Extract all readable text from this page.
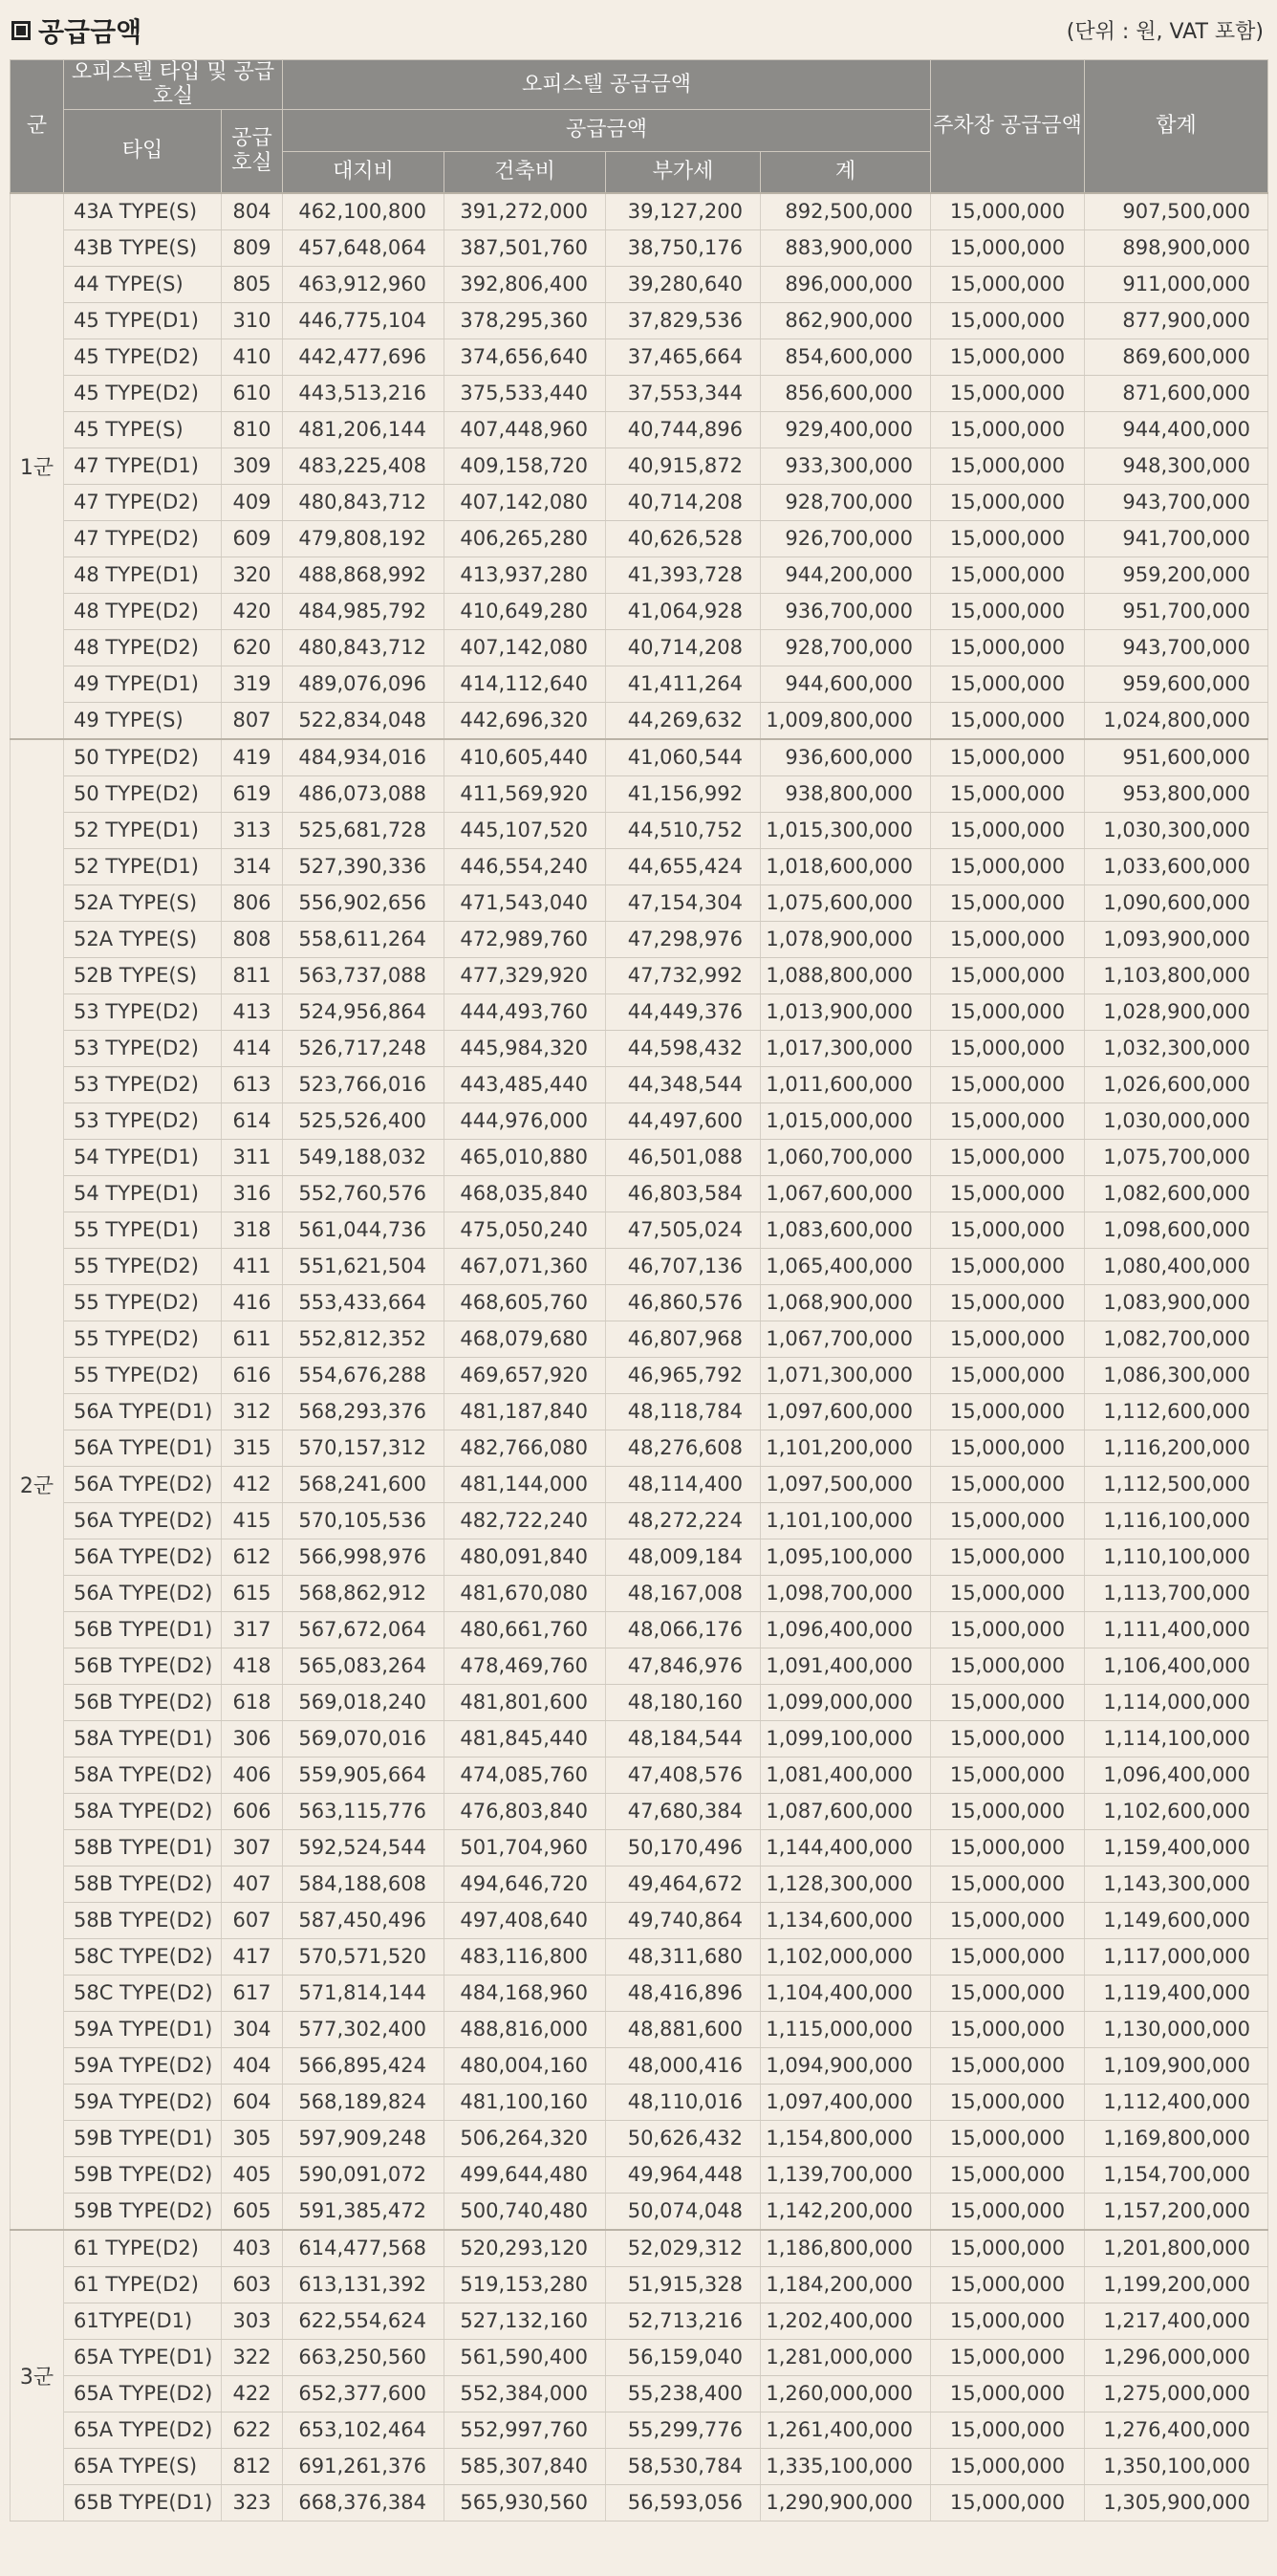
공급금액	(단위 : 원, VAT 포함)
군	오피스텔 타입 및 공급호실		오피스텔 공급금액				주차장 공급금액	합계
	타입	공급 호실	공급금액					
			대지비	건축비	부가세	계		
1군	43A TYPE(S)	804	462,100,800	391,272,000	39,127,200	892,500,000	15,000,000	907,500,000
	43B TYPE(S)	809	457,648,064	387,501,760	38,750,176	883,900,000	15,000,000	898,900,000
	44 TYPE(S)	805	463,912,960	392,806,400	39,280,640	896,000,000	15,000,000	911,000,000
	45 TYPE(D1)	310	446,775,104	378,295,360	37,829,536	862,900,000	15,000,000	877,900,000
	45 TYPE(D2)	410	442,477,696	374,656,640	37,465,664	854,600,000	15,000,000	869,600,000
	45 TYPE(D2)	610	443,513,216	375,533,440	37,553,344	856,600,000	15,000,000	871,600,000
	45 TYPE(S)	810	481,206,144	407,448,960	40,744,896	929,400,000	15,000,000	944,400,000
	47 TYPE(D1)	309	483,225,408	409,158,720	40,915,872	933,300,000	15,000,000	948,300,000
	47 TYPE(D2)	409	480,843,712	407,142,080	40,714,208	928,700,000	15,000,000	943,700,000
	47 TYPE(D2)	609	479,808,192	406,265,280	40,626,528	926,700,000	15,000,000	941,700,000
	48 TYPE(D1)	320	488,868,992	413,937,280	41,393,728	944,200,000	15,000,000	959,200,000
	48 TYPE(D2)	420	484,985,792	410,649,280	41,064,928	936,700,000	15,000,000	951,700,000
	48 TYPE(D2)	620	480,843,712	407,142,080	40,714,208	928,700,000	15,000,000	943,700,000
	49 TYPE(D1)	319	489,076,096	414,112,640	41,411,264	944,600,000	15,000,000	959,600,000
	49 TYPE(S)	807	522,834,048	442,696,320	44,269,632	1,009,800,000	15,000,000	1,024,800,000
2군	50 TYPE(D2)	419	484,934,016	410,605,440	41,060,544	936,600,000	15,000,000	951,600,000
	50 TYPE(D2)	619	486,073,088	411,569,920	41,156,992	938,800,000	15,000,000	953,800,000
	52 TYPE(D1)	313	525,681,728	445,107,520	44,510,752	1,015,300,000	15,000,000	1,030,300,000
	52 TYPE(D1)	314	527,390,336	446,554,240	44,655,424	1,018,600,000	15,000,000	1,033,600,000
	52A TYPE(S)	806	556,902,656	471,543,040	47,154,304	1,075,600,000	15,000,000	1,090,600,000
	52A TYPE(S)	808	558,611,264	472,989,760	47,298,976	1,078,900,000	15,000,000	1,093,900,000
	52B TYPE(S)	811	563,737,088	477,329,920	47,732,992	1,088,800,000	15,000,000	1,103,800,000
	53 TYPE(D2)	413	524,956,864	444,493,760	44,449,376	1,013,900,000	15,000,000	1,028,900,000
	53 TYPE(D2)	414	526,717,248	445,984,320	44,598,432	1,017,300,000	15,000,000	1,032,300,000
	53 TYPE(D2)	613	523,766,016	443,485,440	44,348,544	1,011,600,000	15,000,000	1,026,600,000
	53 TYPE(D2)	614	525,526,400	444,976,000	44,497,600	1,015,000,000	15,000,000	1,030,000,000
	54 TYPE(D1)	311	549,188,032	465,010,880	46,501,088	1,060,700,000	15,000,000	1,075,700,000
	54 TYPE(D1)	316	552,760,576	468,035,840	46,803,584	1,067,600,000	15,000,000	1,082,600,000
	55 TYPE(D1)	318	561,044,736	475,050,240	47,505,024	1,083,600,000	15,000,000	1,098,600,000
	55 TYPE(D2)	411	551,621,504	467,071,360	46,707,136	1,065,400,000	15,000,000	1,080,400,000
	55 TYPE(D2)	416	553,433,664	468,605,760	46,860,576	1,068,900,000	15,000,000	1,083,900,000
	55 TYPE(D2)	611	552,812,352	468,079,680	46,807,968	1,067,700,000	15,000,000	1,082,700,000
	55 TYPE(D2)	616	554,676,288	469,657,920	46,965,792	1,071,300,000	15,000,000	1,086,300,000
	56A TYPE(D1)	312	568,293,376	481,187,840	48,118,784	1,097,600,000	15,000,000	1,112,600,000
	56A TYPE(D1)	315	570,157,312	482,766,080	48,276,608	1,101,200,000	15,000,000	1,116,200,000
	56A TYPE(D2)	412	568,241,600	481,144,000	48,114,400	1,097,500,000	15,000,000	1,112,500,000
	56A TYPE(D2)	415	570,105,536	482,722,240	48,272,224	1,101,100,000	15,000,000	1,116,100,000
	56A TYPE(D2)	612	566,998,976	480,091,840	48,009,184	1,095,100,000	15,000,000	1,110,100,000
	56A TYPE(D2)	615	568,862,912	481,670,080	48,167,008	1,098,700,000	15,000,000	1,113,700,000
	56B TYPE(D1)	317	567,672,064	480,661,760	48,066,176	1,096,400,000	15,000,000	1,111,400,000
	56B TYPE(D2)	418	565,083,264	478,469,760	47,846,976	1,091,400,000	15,000,000	1,106,400,000
	56B TYPE(D2)	618	569,018,240	481,801,600	48,180,160	1,099,000,000	15,000,000	1,114,000,000
	58A TYPE(D1)	306	569,070,016	481,845,440	48,184,544	1,099,100,000	15,000,000	1,114,100,000
	58A TYPE(D2)	406	559,905,664	474,085,760	47,408,576	1,081,400,000	15,000,000	1,096,400,000
	58A TYPE(D2)	606	563,115,776	476,803,840	47,680,384	1,087,600,000	15,000,000	1,102,600,000
	58B TYPE(D1)	307	592,524,544	501,704,960	50,170,496	1,144,400,000	15,000,000	1,159,400,000
	58B TYPE(D2)	407	584,188,608	494,646,720	49,464,672	1,128,300,000	15,000,000	1,143,300,000
	58B TYPE(D2)	607	587,450,496	497,408,640	49,740,864	1,134,600,000	15,000,000	1,149,600,000
	58C TYPE(D2)	417	570,571,520	483,116,800	48,311,680	1,102,000,000	15,000,000	1,117,000,000
	58C TYPE(D2)	617	571,814,144	484,168,960	48,416,896	1,104,400,000	15,000,000	1,119,400,000
	59A TYPE(D1)	304	577,302,400	488,816,000	48,881,600	1,115,000,000	15,000,000	1,130,000,000
	59A TYPE(D2)	404	566,895,424	480,004,160	48,000,416	1,094,900,000	15,000,000	1,109,900,000
	59A TYPE(D2)	604	568,189,824	481,100,160	48,110,016	1,097,400,000	15,000,000	1,112,400,000
	59B TYPE(D1)	305	597,909,248	506,264,320	50,626,432	1,154,800,000	15,000,000	1,169,800,000
	59B TYPE(D2)	405	590,091,072	499,644,480	49,964,448	1,139,700,000	15,000,000	1,154,700,000
	59B TYPE(D2)	605	591,385,472	500,740,480	50,074,048	1,142,200,000	15,000,000	1,157,200,000
3군	61 TYPE(D2)	403	614,477,568	520,293,120	52,029,312	1,186,800,000	15,000,000	1,201,800,000
	61 TYPE(D2)	603	613,131,392	519,153,280	51,915,328	1,184,200,000	15,000,000	1,199,200,000
	61TYPE(D1)	303	622,554,624	527,132,160	52,713,216	1,202,400,000	15,000,000	1,217,400,000
	65A TYPE(D1)	322	663,250,560	561,590,400	56,159,040	1,281,000,000	15,000,000	1,296,000,000
	65A TYPE(D2)	422	652,377,600	552,384,000	55,238,400	1,260,000,000	15,000,000	1,275,000,000
	65A TYPE(D2)	622	653,102,464	552,997,760	55,299,776	1,261,400,000	15,000,000	1,276,400,000
	65A TYPE(S)	812	691,261,376	585,307,840	58,530,784	1,335,100,000	15,000,000	1,350,100,000
	65B TYPE(D1)	323	668,376,384	565,930,560	56,593,056	1,290,900,000	15,000,000	1,305,900,000
